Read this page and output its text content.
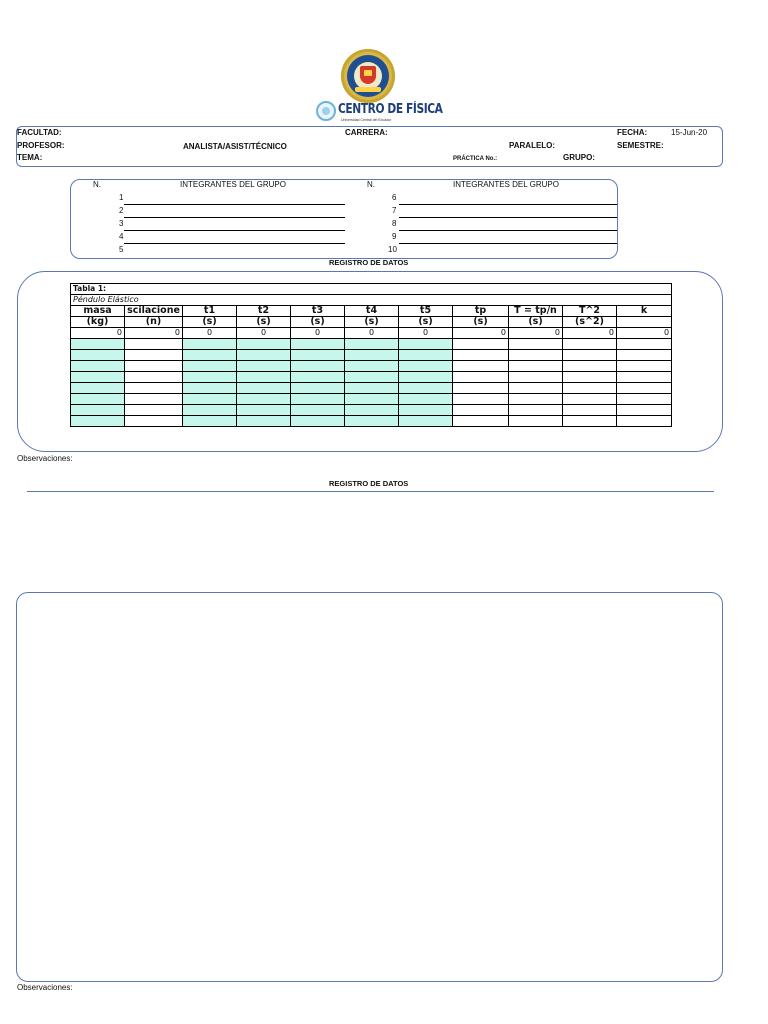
CENTRO DE FÍSICA
Universidad Central del Ecuador
FACULTAD:	CARRERA:	FECHA:	15-Jun-20
PROFESOR:	ANALISTA/ASIST/TÉCNICO	PARALELO:	SEMESTRE:
TEMA:	PRÁCTICA No.:	GRUPO:
N.	INTEGRANTES DEL GRUPO	N.	INTEGRANTES DEL GRUPO
1
2
3
4
5
6
7
8
9
10
REGISTRO DE DATOS
Tabla 1:										
Péndulo Elástico										
masa	scilacione	t1	t2	t3	t4	t5	tp	T = tp/n	T^2	k
(kg)	(n)	(s)	(s)	(s)	(s)	(s)	(s)	(s)	(s^2)	
0	0	0	0	0	0	0	0	0	0	0

Observaciones:
REGISTRO DE DATOS
Observaciones:
